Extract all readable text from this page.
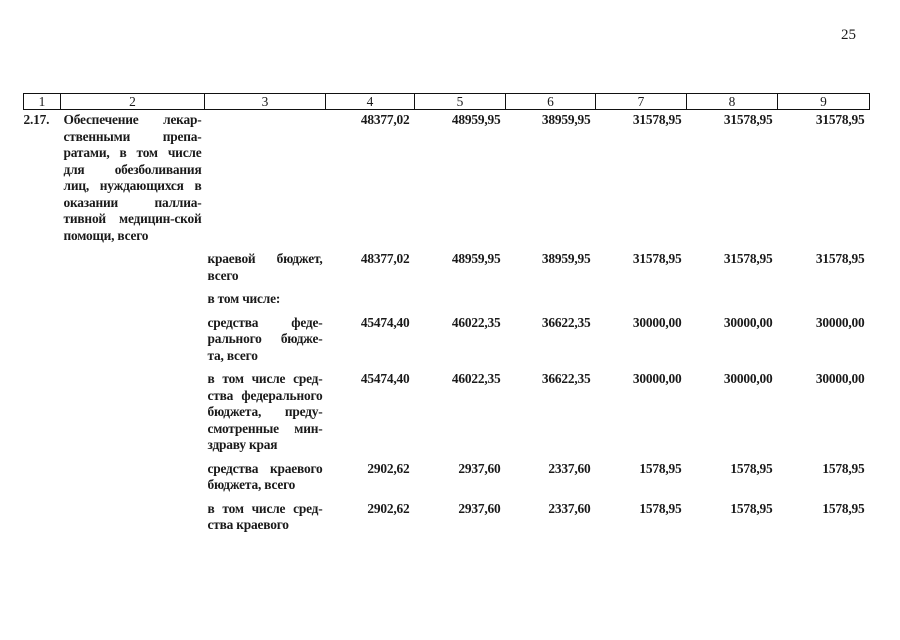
25
1	2	3	4	5	6	7	8	9
2.17.	Обеспечение лекар-ственными препа-ратами, в том числе для обезболивания лиц, нуждающихся в оказании паллиа-тивной медицин-ской помощи, всего		48377,02	48959,95	38959,95	31578,95	31578,95	31578,95
		краевой бюджет, всего	48377,02	48959,95	38959,95	31578,95	31578,95	31578,95
		в том числе:						
		средства феде-рального бюдже-та, всего	45474,40	46022,35	36622,35	30000,00	30000,00	30000,00
		в том числе сред-ства федерального бюджета, преду-смотренные мин-здраву края	45474,40	46022,35	36622,35	30000,00	30000,00	30000,00
		средства краевого бюджета, всего	2902,62	2937,60	2337,60	1578,95	1578,95	1578,95
		в том числе сред-ства краевого	2902,62	2937,60	2337,60	1578,95	1578,95	1578,95
